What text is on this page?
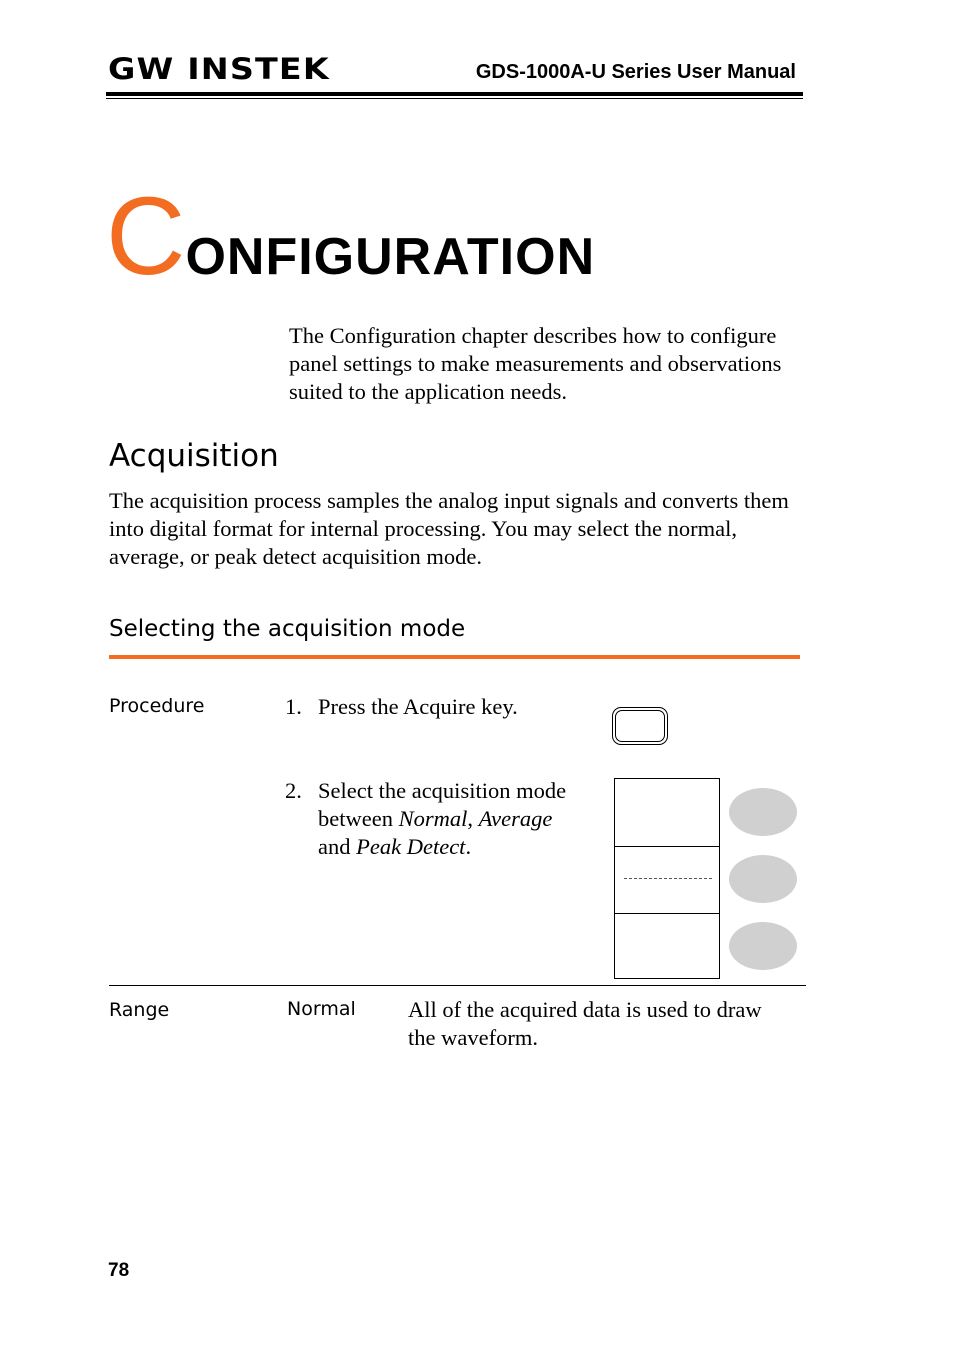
GW INSTEK	GDS-1000A-U Series User Manual
CONFIGURATION
The Configuration chapter describes how to configure panel settings to make measurements and observations suited to the application needs.
Acquisition
The acquisition process samples the analog input signals and converts them into digital format for internal processing. You may select the normal, average, or peak detect acquisition mode.
Selecting the acquisition mode
Procedure	1. Press the Acquire key.
2. Select the acquisition mode between Normal, Average
and Peak Detect.
Range	Normal All of the acquired data is used to draw the waveform.
78
